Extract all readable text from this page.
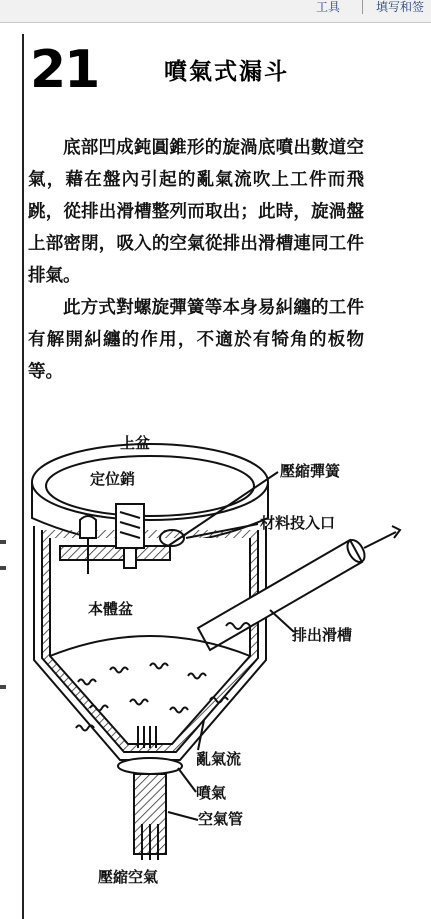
工具	填写和签
21	噴氣式漏斗

底部凹成鈍圓錐形的旋渦底噴出數道空氣，藉在盤內引起的亂氣流吹上工件而飛跳，從排出滑槽整列而取出；此時，旋渦盤上部密閉，吸入的空氣從排出滑槽連同工件排氣。

此方式對螺旋彈簧等本身易糾纏的工件有解開糾纏的作用，不適於有犄角的板物等。

上盆
定位銷	壓縮彈簧
材料投入口
本體盆
排出滑槽
亂氣流
噴氣
空氣管
壓縮空氣
